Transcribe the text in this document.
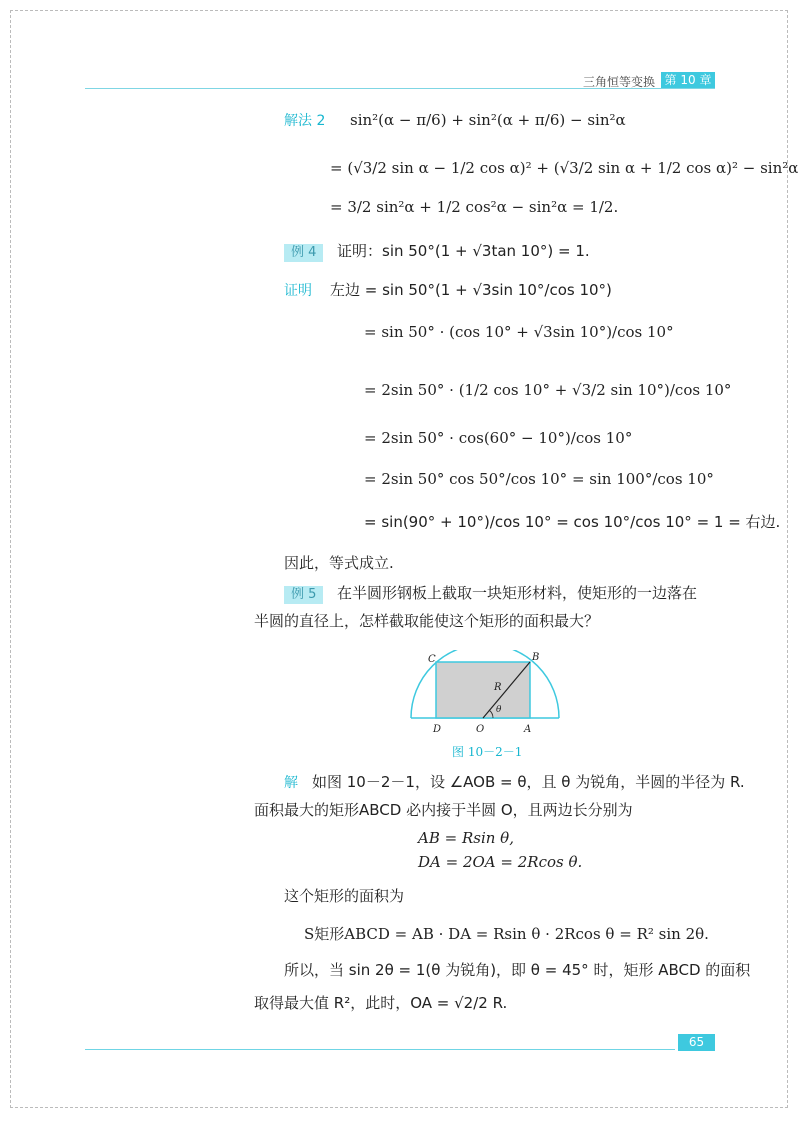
三角恒等变换 第 10 章
解法 2 sin²(α − π/6) + sin²(α + π/6) − sin²α
= (√3/2 sin α − 1/2 cos α)² + (√3/2 sin α + 1/2 cos α)² − sin²α
= 3/2 sin²α + 1/2 cos²α − sin²α = 1/2.
例 4	证明：sin 50°(1 + √3tan 10°) = 1.
证明 左边 = sin 50°(1 + √3sin 10°/cos 10°)
= sin 50° · (cos 10° + √3sin 10°)/cos 10°
= 2sin 50° · (1/2 cos 10° + √3/2 sin 10°)/cos 10°
= 2sin 50° · cos(60° − 10°)/cos 10°
= 2sin 50° cos 50°/cos 10° = sin 100°/cos 10°
= sin(90° + 10°)/cos 10° = cos 10°/cos 10° = 1 = 右边.
因此，等式成立.
例 5	在半圆形钢板上截取一块矩形材料，使矩形的一边落在
半圆的直径上，怎样截取能使这个矩形的面积最大？
C	B
R
θ
D	O	A
图 10－2－1
解 如图 10－2－1，设 ∠AOB = θ，且 θ 为锐角，半圆的半径为 R.
面积最大的矩形ABCD 必内接于半圆 O，且两边长分别为
AB = Rsin θ,
DA = 2OA = 2Rcos θ.
这个矩形的面积为
S矩形ABCD = AB · DA = Rsin θ · 2Rcos θ = R² sin 2θ.
所以，当 sin 2θ = 1(θ 为锐角)，即 θ = 45° 时，矩形 ABCD 的面积
取得最大值 R²，此时，OA = √2/2 R.
65
